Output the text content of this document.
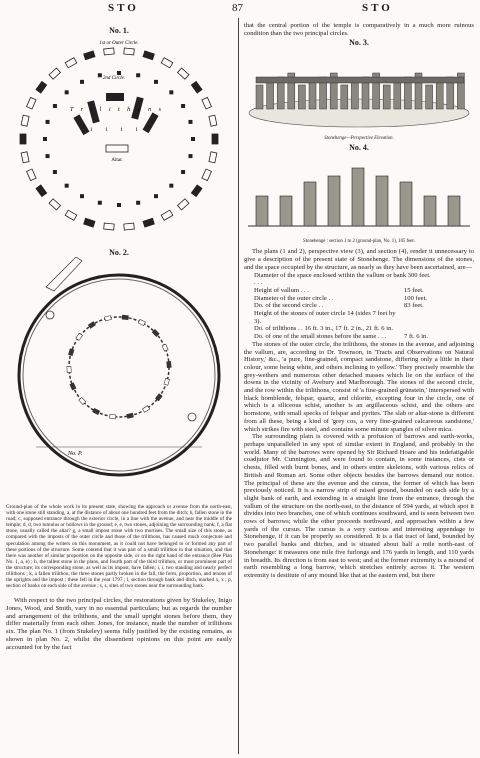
STO	87	STO
No. 1.
1st or Outer Circle.
2nd Circle.
Altar.
T r i l i t h o n s
i i i i
No. 2.
No. P.
Ground-plan of the whole work in its present state, showing the approach or avenue from the north-east, with one stone still standing, a, at the distance of about one hundred feet from the ditch; b, fallen stone in the road; c, supposed entrance through the exterior circle, in a line with the avenue, and near the middle of the temple; d, d, two tumulus or hollows in the ground; e, e, two stones, adjoining the surrounding bank; f, a flat stone, usually called the altar? g, a small impost stone with two mortises. The small size of this stone, as compared with the imposts of the outer circle and those of the trilithons, has caused much conjecture and speculation among the writers on this monument, as it could not have belonged to or formed any part of these portions of the structure. Some contend that it was part of a small trilithon in that situation, and that there was another of similar proportion on the opposite side, or on the right hand of the entrance (Bee Plan No. 1, a, e) ; h, the tallest stone in the plans, and fourth part of the third trilithon, or most prominent part of the structure; its corresponding stone, as well as its impost, have fallen; i, i, two standing and nearly perfect trilithons ; k, a fallen trilithon, the three stones partly broken in the fall, the form, proportion, and tenons of the uprights and the impost ; these fell in the year 1797 ; l, section through bank and ditch, marked x, x ; p, section of banks on each side of the avenue ; s, s, sites of two stones near the surrounding bank.

With respect to the two principal circles, the restorations given by Stukeley, Inigo Jones, Wood, and Smith, vary in no essential particulars; but as regards the number and arrangement of the trilithons, and the small upright stones before them, they differ materially from each other. Jones, for instance, made the number of trilithons six. The plan No. 1 (from Stukeley) seems fully justified by the existing remains, as shown in plan No. 2, whilst the dissentient opinions on this point are easily accounted for by the fact

that the central portion of the temple is comparatively in a much more ruinous condition than the two principal circles.

No. 3.
Stonehenge—Perspective Elevation.
No. 4.
Stonehenge : section 1 to 2 (ground-plan, No. 1), 105 feet.

The plans (1 and 2), perspective view (3), and section (4), render it unnecessary to give a description of the present state of Stonehenge. The dimensions of the stones, and the space occupied by the structure, as nearly as they have been ascertained, are—

Diameter of the space enclosed within the vallum or bank . . .
300 feet.
Height of vallum . . .	15 feet.
Diameter of the outer circle . .	100 feet.
Do. of the second circle . .	83 feet.
Height of the stones of outer circle 14 (sides 7 feet by 3).
Do. of trilithons . . 16 ft. 3 in., 17 ft. 2 in., 21 ft. 6 in.
Do. of one of the small stones before the same . . .	7 ft. 6 in.

The stones of the outer circle, the trilithons, the stones in the avenue, and adjoining the vallum, are, according to Dr. Townson, in 'Tracts and Observations on Natural History,' &c., 'a pure, fine-grained, compact sandstone, differing only a little in their colour, some being white, and others inclining to yellow.' They precisely resemble the grey-wethers and numerous other detached masses which lie on the surface of the downs in the vicinity of Avebury and Marlborough. The stones of the second circle, and the row within the trilithons, consist of 'a fine-grained grünstein,' interspersed with black hornblende, felspar, quartz, and chlorite, excepting four in the circle, one of which is a siliceous schist, another is an argillaceous schist, and the others are hornstone, with small specks of felspar and pyrites. The slab or altar-stone is different from all these, being a kind of 'grey cos, a very fine-grained calcareous sandstone,' which strikes fire with steel, and contains some minute spangles of silver mica.

The surrounding plain is covered with a profusion of barrows and earth-works, perhaps unparalleled in any spot of similar extent in England, and probably in the world. Many of the barrows were opened by Sir Richard Hoare and his indefatigable coadjutor Mr. Cunnington, and were found to contain, in some instances, cists or chests, filled with burnt bones, and in others entire skeletons, with various relics of British and Roman art. Some other objects besides the barrows demand our notice. The principal of these are the avenue and the cursus, the former of which has been previously noticed. It is a narrow strip of raised ground, bounded on each side by a slight bank of earth, and extending in a straight line from the entrance, through the vallum of the structure on the north-east, to the distance of 594 yards, at which spot it divides into two branches, one of which continues southward, and is seen between two rows of barrows; while the other proceeds northward, and approaches within a few yards of the cursus. The cursus is a very curious and interesting appendage to Stonehenge, if it can be properly so considered. It is a flat tract of land, bounded by two parallel banks and ditches, and is situated about half a mile north-east of Stonehenge: it measures one mile five furlongs and 176 yards in length, and 110 yards in breadth. Its direction is from east to west; and at the former extremity is a mound of earth resembling a long barrow, which stretches entirely across it. The western extremity is destitute of any mound like that at the eastern end, but there
